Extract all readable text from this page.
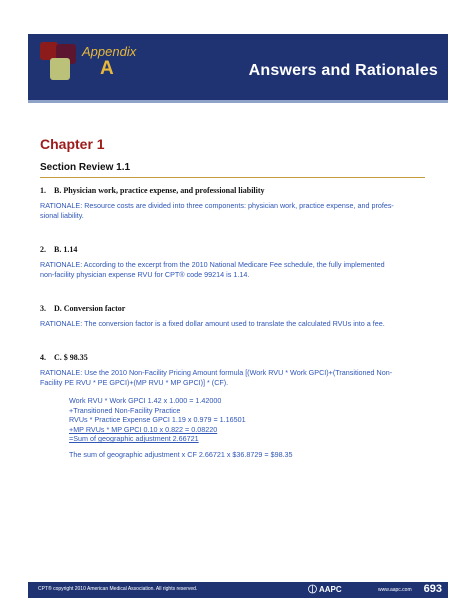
Appendix
A	Answers and Rationales
Chapter 1
Section Review 1.1

1. B. Physician work, practice expense, and professional liability

RATIONALE: Resource costs are divided into three components: physician work, practice expense, and profes-
sional liability.

2. B. 1.14

RATIONALE: According to the excerpt from the 2010 National Medicare Fee schedule, the fully implemented
non-facility physician expense RVU for CPT® code 99214 is 1.14.

3. D. Conversion factor

RATIONALE: The conversion factor is a fixed dollar amount used to translate the calculated RVUs into a fee.

4. C. $ 98.35

RATIONALE: Use the 2010 Non-Facility Pricing Amount formula [(Work RVU * Work GPCI)+(Transitioned Non-
Facility PE RVU * PE GPCI)+(MP RVU * MP GPCI)] * (CF).

Work RVU * Work GPCI 1.42 x 1.000 = 1.42000
+Transitioned Non-Facility Practice
RVUs * Practice Expense GPCI 1.19 x 0.979 = 1.16501
+MP RVUs * MP GPCI 0.10 x 0.822 = 0.08220
=Sum of geographic adjustment 2.66721
The sum of geographic adjustment x CF 2.66721 x $36.8729 = $98.35
CPT® copyright 2010 American Medical Association. All rights reserved.	AAPC	www.aapc.com 693
